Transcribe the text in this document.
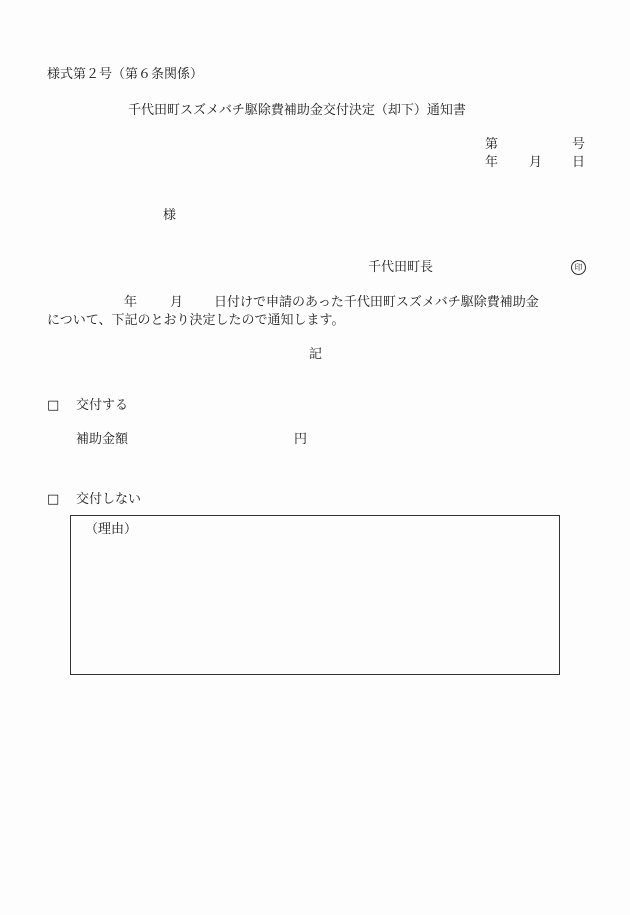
様式第２号（第６条関係）
千代田町スズメバチ駆除費補助金交付決定（却下）通知書
第	号
年 月 日
様
千代田町長	印
年	月 日付けで申請のあった千代田町スズメバチ駆除費補助金
について、下記のとおり決定したので通知します。
記
□ 交付する
補助金額	円
□ 交付しない
（理由）
